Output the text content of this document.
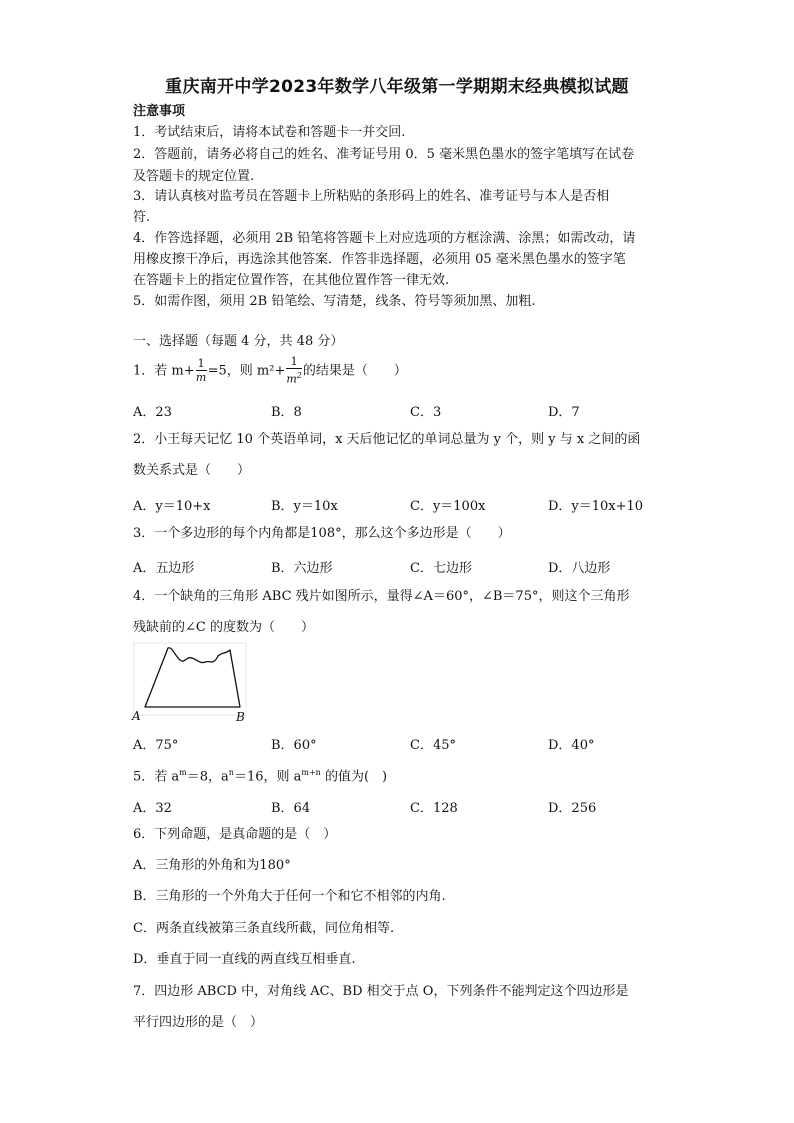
重庆南开中学2023年数学八年级第一学期期末经典模拟试题
注意事项
1．考试结束后，请将本试卷和答题卡一并交回.
2．答题前，请务必将自己的姓名、准考证号用 0．5 毫米黑色墨水的签字笔填写在试卷
及答题卡的规定位置.
3．请认真核对监考员在答题卡上所粘贴的条形码上的姓名、准考证号与本人是否相
符.
4．作答选择题，必须用 2B 铅笔将答题卡上对应选项的方框涂满、涂黑；如需改动，请
用橡皮擦干净后，再选涂其他答案．作答非选择题，必须用 05 毫米黑色墨水的签字笔
在答题卡上的指定位置作答，在其他位置作答一律无效.
5．如需作图，须用 2B 铅笔绘、写清楚，线条、符号等须加黑、加粗.
一、选择题（每题 4 分，共 48 分）
1．若 $m+ \frac{1}{m} =5$，则 $m^2+ \frac{1}{m^2}$ 的结果是（　　）
A．23	B．8	C．3	D．7
2．小王每天记忆 10 个英语单词，x 天后他记忆的单词总量为 y 个，则 y 与 x 之间的函
数关系式是（　　）
A．y＝10+x	B．y＝10x	C．y＝100x	D．y＝10x+10
3．一个多边形的每个内角都是108°，那么这个多边形是（　　）
A．五边形	B．六边形	C．七边形	D．八边形
4．一个缺角的三角形 ABC 残片如图所示，量得∠A＝60°，∠B＝75°，则这个三角形
残缺前的∠C 的度数为（　　）
A	B
A．75°	B．60°	C．45°	D．40°
5．若 $a^m=8$，$a^n=16$，则 $a^{m+n}$ 的值为(　)
A．32	B．64	C．128	D．256
6．下列命题，是真命题的是（　）
A．三角形的外角和为180°
B．三角形的一个外角大于任何一个和它不相邻的内角.
C．两条直线被第三条直线所截，同位角相等.
D．垂直于同一直线的两直线互相垂直.
7．四边形 ABCD 中，对角线 AC、BD 相交于点 O，下列条件不能判定这个四边形是
平行四边形的是（　）
